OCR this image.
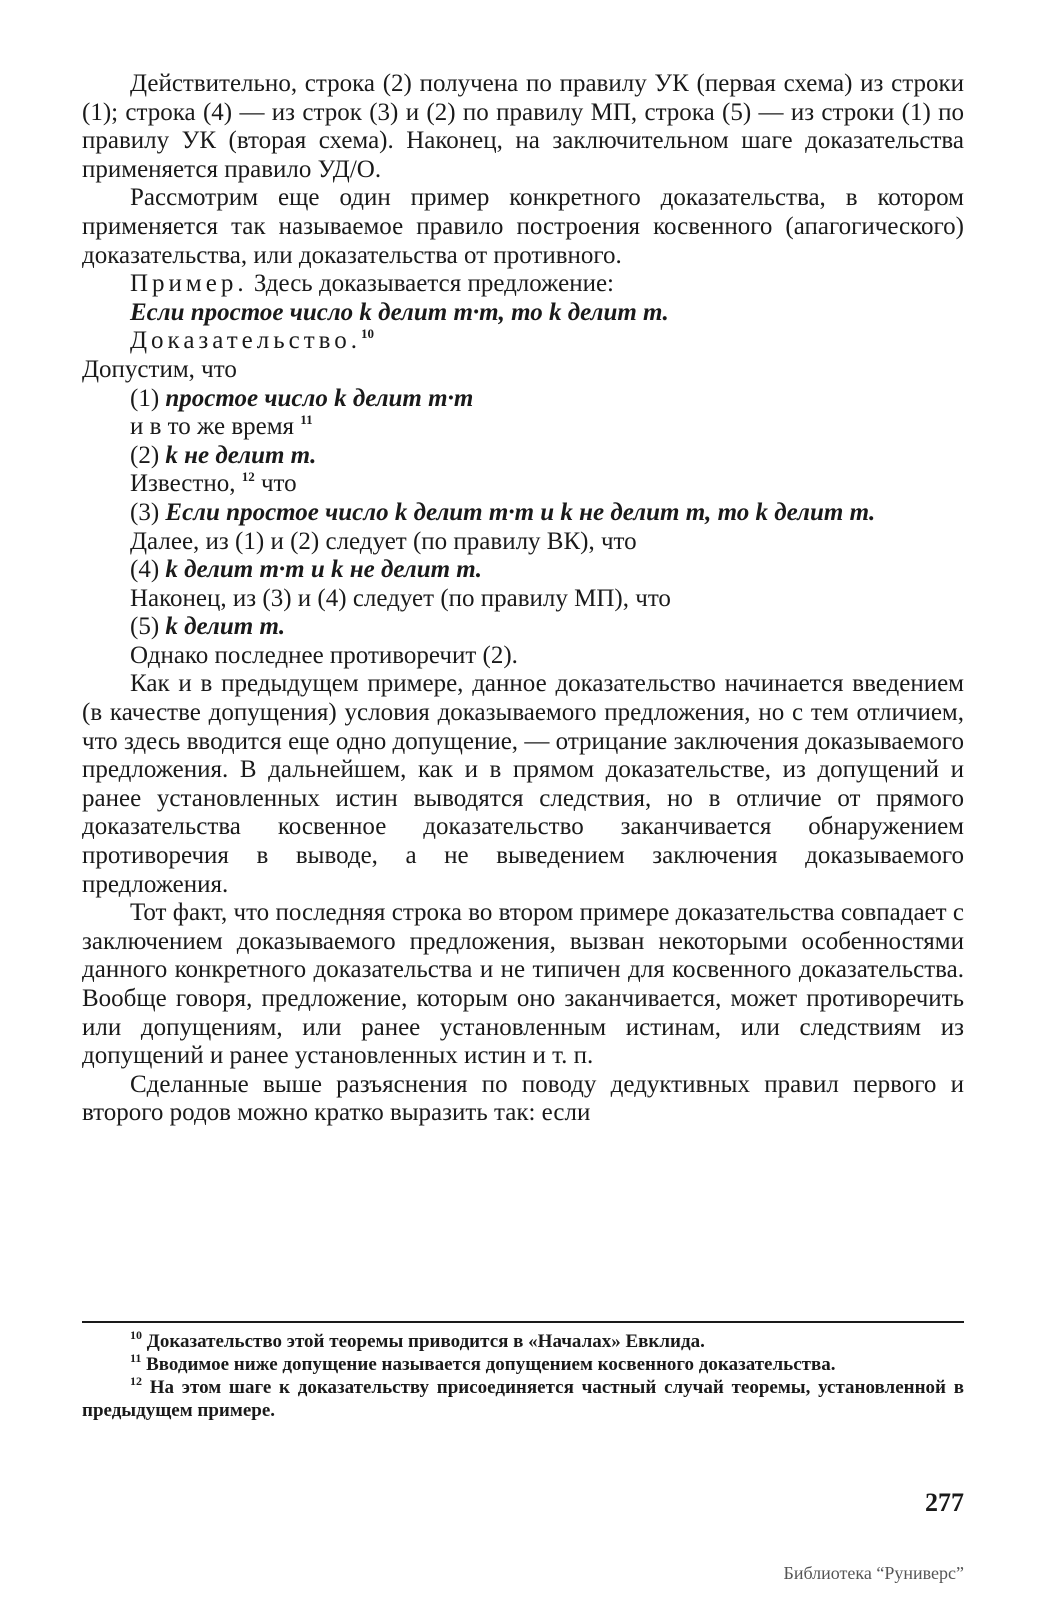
Действительно, строка (2) получена по правилу УК (первая схема) из строки (1); строка (4) — из строк (3) и (2) по правилу МП, строка (5) — из строки (1) по правилу УК (вторая схема). Наконец, на заключительном шаге доказательства применяется правило УД/О.

Рассмотрим еще один пример конкретного доказательства, в котором применяется так называемое правило построения косвенного (апагогического) доказательства, или доказательства от противного.

Пример. Здесь доказывается предложение:

Если простое число k делит m·m, то k делит m.

Доказательство.$^{10}$

Допустим, что

(1) простое число k делит m·m

и в то же время $^{11}$

(2) k не делит m.

Известно, $^{12}$ что

(3) Если простое число k делит m·m и k не делит m, то k делит m.

Далее, из (1) и (2) следует (по правилу ВК), что

(4) k делит m·m и k не делит m.

Наконец, из (3) и (4) следует (по правилу МП), что

(5) k делит m.

Однако последнее противоречит (2).

Как и в предыдущем примере, данное доказательство начинается введением (в качестве допущения) условия доказываемого предложения, но с тем отличием, что здесь вводится еще одно допущение, — отрицание заключения доказываемого предложения. В дальнейшем, как и в прямом доказательстве, из допущений и ранее установленных истин выводятся следствия, но в отличие от прямого доказательства косвенное доказательство заканчивается обнаружением противоречия в выводе, а не выведением заключения доказываемого предложения.

Тот факт, что последняя строка во втором примере доказательства совпадает с заключением доказываемого предложения, вызван некоторыми особенностями данного конкретного доказательства и не типичен для косвенного доказательства. Вообще говоря, предложение, которым оно заканчивается, может противоречить или допущениям, или ранее установленным истинам, или следствиям из допущений и ранее установленных истин и т. п.

Сделанные выше разъяснения по поводу дедуктивных правил первого и второго родов можно кратко выразить так: если

$^{10}$ Доказательство этой теоремы приводится в «Началах» Евклида.

$^{11}$ Вводимое ниже допущение называется допущением косвенного доказательства.

$^{12}$ На этом шаге к доказательству присоединяется частный случай теоремы, установленной в предыдущем примере.

277
Библиотека “Руниверс”
